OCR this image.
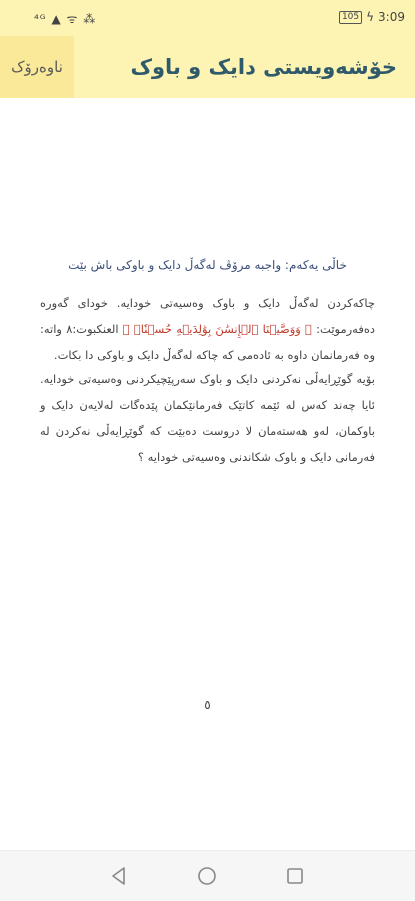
⁴ᴳ ▲ ᯤ ⁂	105 ϟ 3:09
ناوەرۆک	خۆشەویستی دایک و باوک
خاڵی یەکەم: واجبە مرۆڤ لەگەڵ دایک و باوکی باش بێت
چاکەکردن لەگەڵ دایک و باوک وەسیەتی خودایە. خودای گەورە دەفەرموێت: ﴿ وَوَصَّيۡنَا ٱلۡإِنسَٰنَ بِوَٰلِدَيۡهِ حُسۡنٗاۖ ﴾ العنكبوت:٨ واتە: وە فەرمانمان داوە بە ئادەمی کە چاکە لەگەڵ دایک و باوکی دا بکات.
بۆیە گوێڕایەڵی نەکردنی دایک و باوک سەرپێچیکردنی وەسیەتی خودایە. ئایا چەند کەس لە ئێمە کاتێک فەرمانێکمان پێدەگات لەلایەن دایک و باوکمان، لەو هەستەمان لا دروست دەبێت کە گوێڕایەڵی نەکردن لە فەرمانی دایک و باوک شکاندنی وەسیەتی خودایە ؟
٥
